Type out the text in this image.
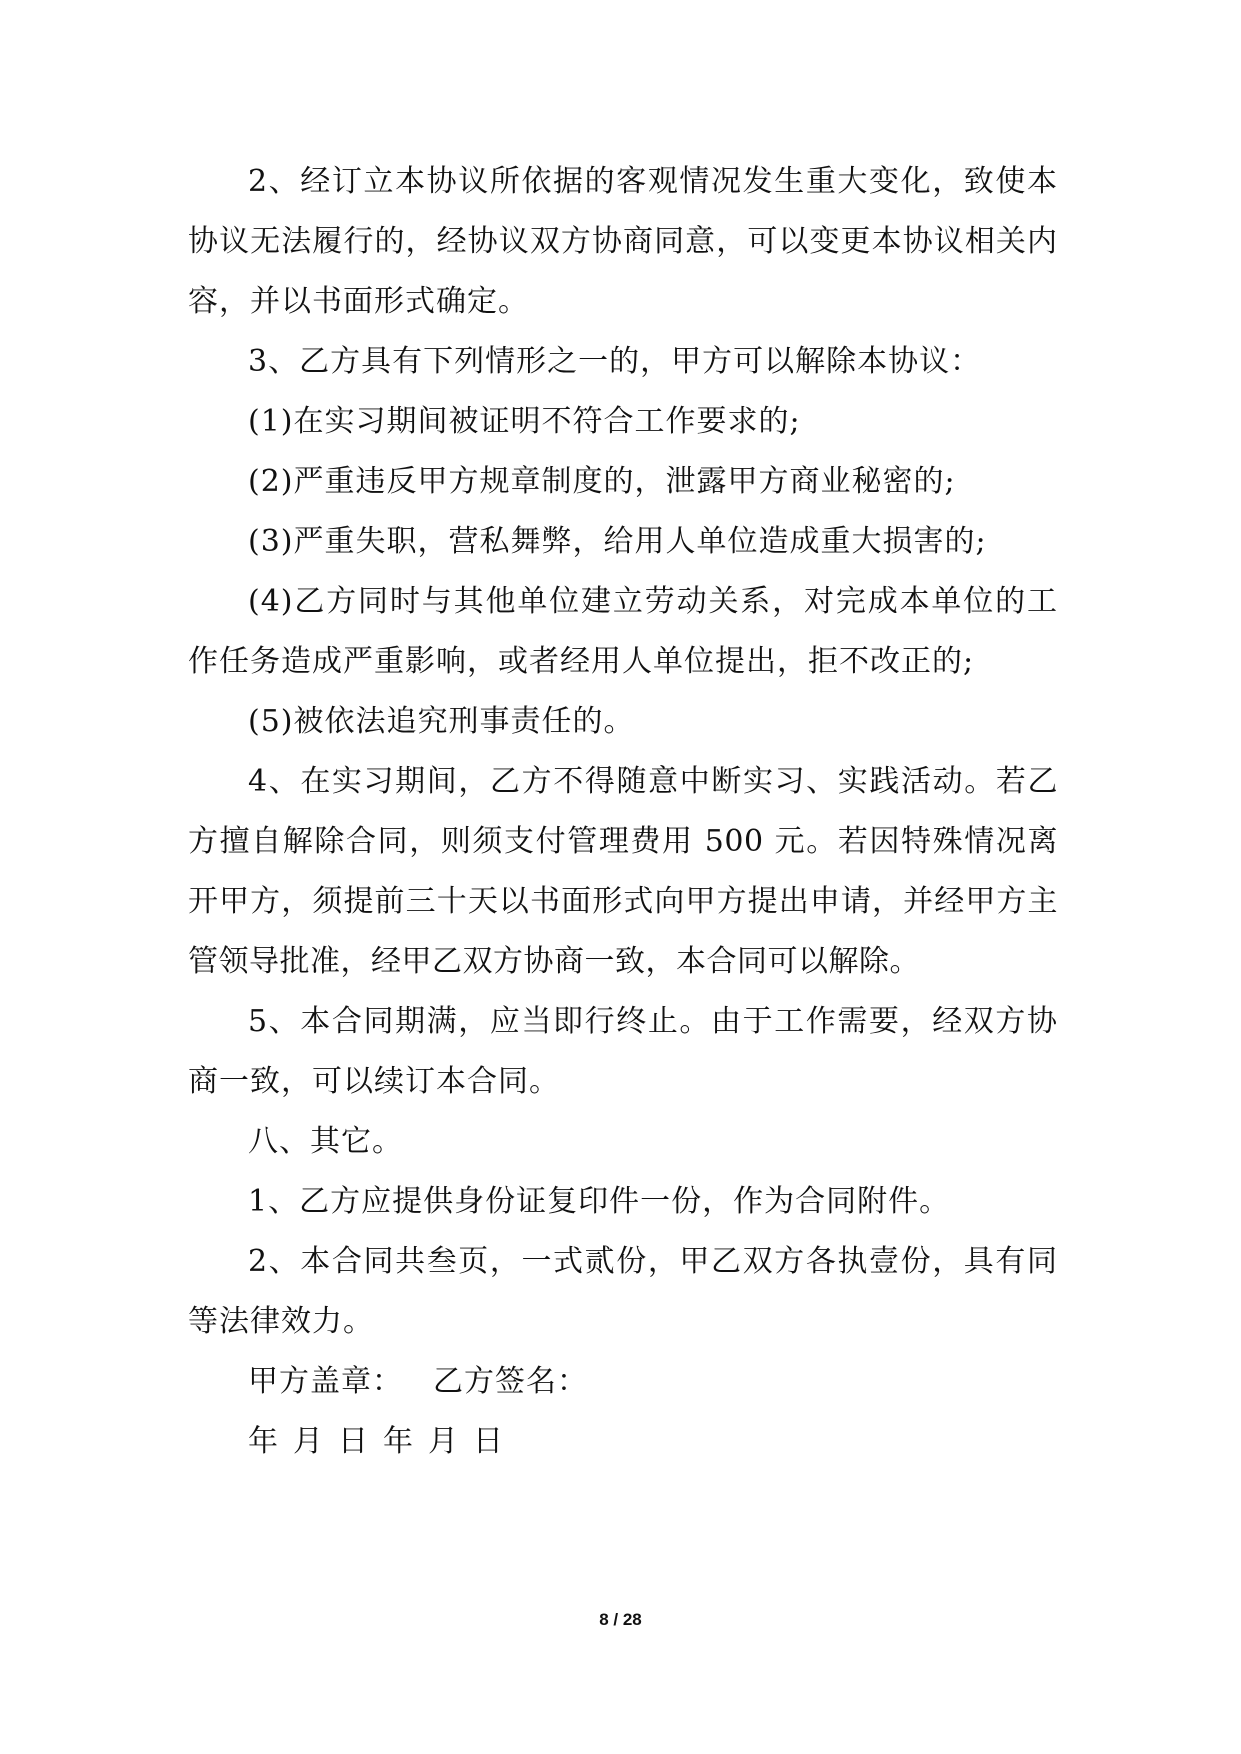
2、经订立本协议所依据的客观情况发生重大变化，致使本协议无法履行的，经协议双方协商同意，可以变更本协议相关内容，并以书面形式确定。

3、乙方具有下列情形之一的，甲方可以解除本协议：

(1)在实习期间被证明不符合工作要求的;

(2)严重违反甲方规章制度的，泄露甲方商业秘密的;

(3)严重失职，营私舞弊，给用人单位造成重大损害的;

(4)乙方同时与其他单位建立劳动关系，对完成本单位的工作任务造成严重影响，或者经用人单位提出，拒不改正的;

(5)被依法追究刑事责任的。

4、在实习期间，乙方不得随意中断实习、实践活动。若乙方擅自解除合同，则须支付管理费用 500 元。若因特殊情况离开甲方，须提前三十天以书面形式向甲方提出申请，并经甲方主管领导批准，经甲乙双方协商一致，本合同可以解除。

5、本合同期满，应当即行终止。由于工作需要，经双方协商一致，可以续订本合同。

八、其它。

1、乙方应提供身份证复印件一份，作为合同附件。

2、本合同共叁页，一式贰份，甲乙双方各执壹份，具有同等法律效力。

甲方盖章： 乙方签名：

年 月 日 年 月 日

8 / 28
